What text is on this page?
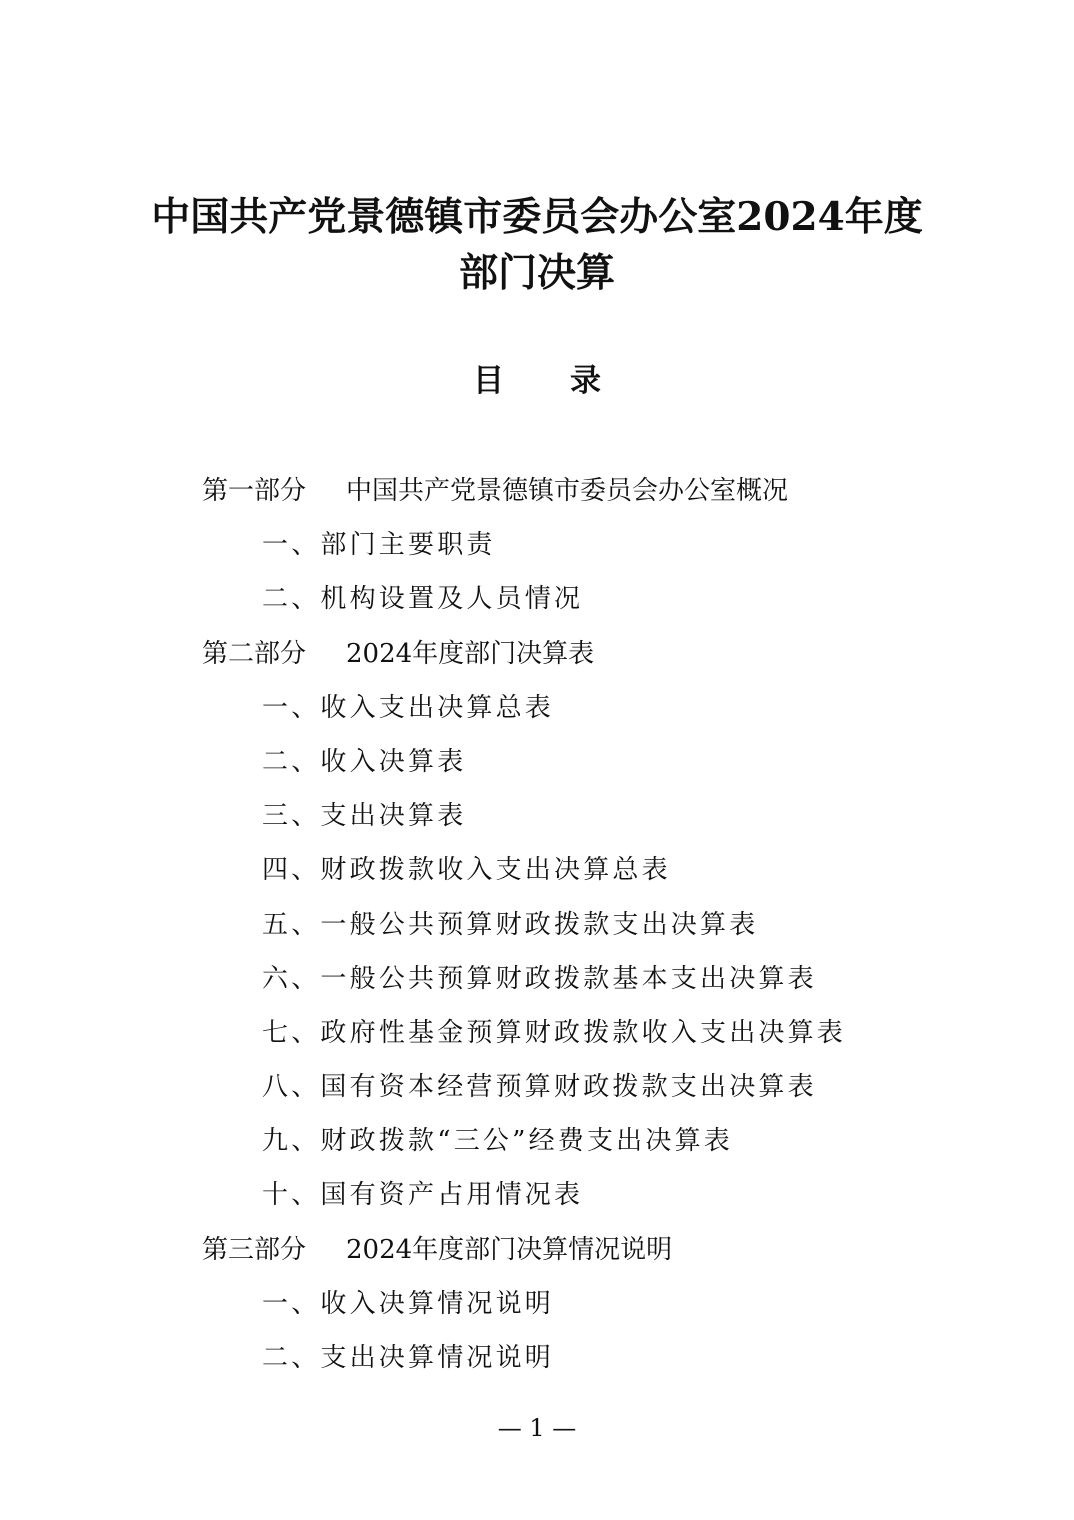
中国共产党景德镇市委员会办公室2024年度
部门决算
目 录
第一部分 中国共产党景德镇市委员会办公室概况
一、部门主要职责
二、机构设置及人员情况
第二部分 2024年度部门决算表
一、收入支出决算总表
二、收入决算表
三、支出决算表
四、财政拨款收入支出决算总表
五、一般公共预算财政拨款支出决算表
六、一般公共预算财政拨款基本支出决算表
七、政府性基金预算财政拨款收入支出决算表
八、国有资本经营预算财政拨款支出决算表
九、财政拨款“三公”经费支出决算表
十、国有资产占用情况表
第三部分 2024年度部门决算情况说明
一、收入决算情况说明
二、支出决算情况说明
— 1 —
